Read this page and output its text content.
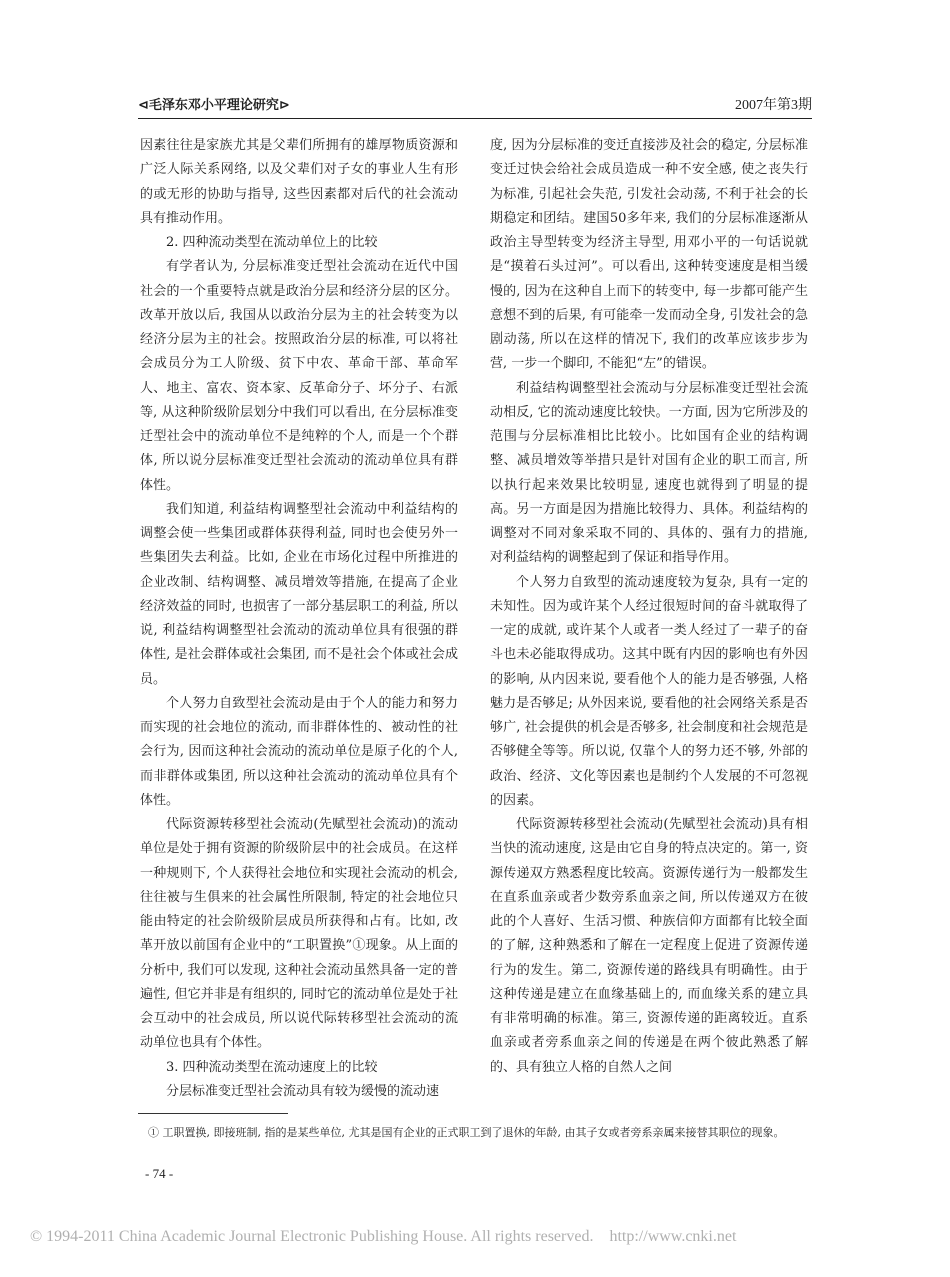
⊲毛泽东邓小平理论研究⊳	2007年第3期

因素往往是家族尤其是父辈们所拥有的雄厚物质资源和广泛人际关系网络, 以及父辈们对子女的事业人生有形的或无形的协助与指导, 这些因素都对后代的社会流动具有推动作用。

2. 四种流动类型在流动单位上的比较

有学者认为, 分层标准变迁型社会流动在近代中国社会的一个重要特点就是政治分层和经济分层的区分。改革开放以后, 我国从以政治分层为主的社会转变为以经济分层为主的社会。按照政治分层的标准, 可以将社会成员分为工人阶级、贫下中农、革命干部、革命军人、地主、富农、资本家、反革命分子、坏分子、右派等, 从这种阶级阶层划分中我们可以看出, 在分层标准变迁型社会中的流动单位不是纯粹的个人, 而是一个个群体, 所以说分层标准变迁型社会流动的流动单位具有群体性。

我们知道, 利益结构调整型社会流动中利益结构的调整会使一些集团或群体获得利益, 同时也会使另外一些集团失去利益。比如, 企业在市场化过程中所推进的企业改制、结构调整、减员增效等措施, 在提高了企业经济效益的同时, 也损害了一部分基层职工的利益, 所以说, 利益结构调整型社会流动的流动单位具有很强的群体性, 是社会群体或社会集团, 而不是社会个体或社会成员。

个人努力自致型社会流动是由于个人的能力和努力而实现的社会地位的流动, 而非群体性的、被动性的社会行为, 因而这种社会流动的流动单位是原子化的个人, 而非群体或集团, 所以这种社会流动的流动单位具有个体性。

代际资源转移型社会流动(先赋型社会流动)的流动单位是处于拥有资源的阶级阶层中的社会成员。在这样一种规则下, 个人获得社会地位和实现社会流动的机会, 往往被与生俱来的社会属性所限制, 特定的社会地位只能由特定的社会阶级阶层成员所获得和占有。比如, 改革开放以前国有企业中的“工职置换”①现象。从上面的分析中, 我们可以发现, 这种社会流动虽然具备一定的普遍性, 但它并非是有组织的, 同时它的流动单位是处于社会互动中的社会成员, 所以说代际转移型社会流动的流动单位也具有个体性。

3. 四种流动类型在流动速度上的比较

分层标准变迁型社会流动具有较为缓慢的流动速

度, 因为分层标准的变迁直接涉及社会的稳定, 分层标准变迁过快会给社会成员造成一种不安全感, 使之丧失行为标准, 引起社会失范, 引发社会动荡, 不利于社会的长期稳定和团结。建国50多年来, 我们的分层标准逐渐从政治主导型转变为经济主导型, 用邓小平的一句话说就是“摸着石头过河”。可以看出, 这种转变速度是相当缓慢的, 因为在这种自上而下的转变中, 每一步都可能产生意想不到的后果, 有可能牵一发而动全身, 引发社会的急剧动荡, 所以在这样的情况下, 我们的改革应该步步为营, 一步一个脚印, 不能犯“左”的错误。

利益结构调整型社会流动与分层标准变迁型社会流动相反, 它的流动速度比较快。一方面, 因为它所涉及的范围与分层标准相比比较小。比如国有企业的结构调整、减员增效等举措只是针对国有企业的职工而言, 所以执行起来效果比较明显, 速度也就得到了明显的提高。另一方面是因为措施比较得力、具体。利益结构的调整对不同对象采取不同的、具体的、强有力的措施, 对利益结构的调整起到了保证和指导作用。

个人努力自致型的流动速度较为复杂, 具有一定的未知性。因为或许某个人经过很短时间的奋斗就取得了一定的成就, 或许某个人或者一类人经过了一辈子的奋斗也未必能取得成功。这其中既有内因的影响也有外因的影响, 从内因来说, 要看他个人的能力是否够强, 人格魅力是否够足; 从外因来说, 要看他的社会网络关系是否够广, 社会提供的机会是否够多, 社会制度和社会规范是否够健全等等。所以说, 仅靠个人的努力还不够, 外部的政治、经济、文化等因素也是制约个人发展的不可忽视的因素。

代际资源转移型社会流动(先赋型社会流动)具有相当快的流动速度, 这是由它自身的特点决定的。第一, 资源传递双方熟悉程度比较高。资源传递行为一般都发生在直系血亲或者少数旁系血亲之间, 所以传递双方在彼此的个人喜好、生活习惯、种族信仰方面都有比较全面的了解, 这种熟悉和了解在一定程度上促进了资源传递行为的发生。第二, 资源传递的路线具有明确性。由于这种传递是建立在血缘基础上的, 而血缘关系的建立具有非常明确的标准。第三, 资源传递的距离较近。直系血亲或者旁系血亲之间的传递是在两个彼此熟悉了解的、具有独立人格的自然人之间

① 工职置换, 即接班制, 指的是某些单位, 尤其是国有企业的正式职工到了退休的年龄, 由其子女或者旁系亲属来接替其职位的现象。
- 74 -
© 1994-2011 China Academic Journal Electronic Publishing House. All rights reserved.    http://www.cnki.net
